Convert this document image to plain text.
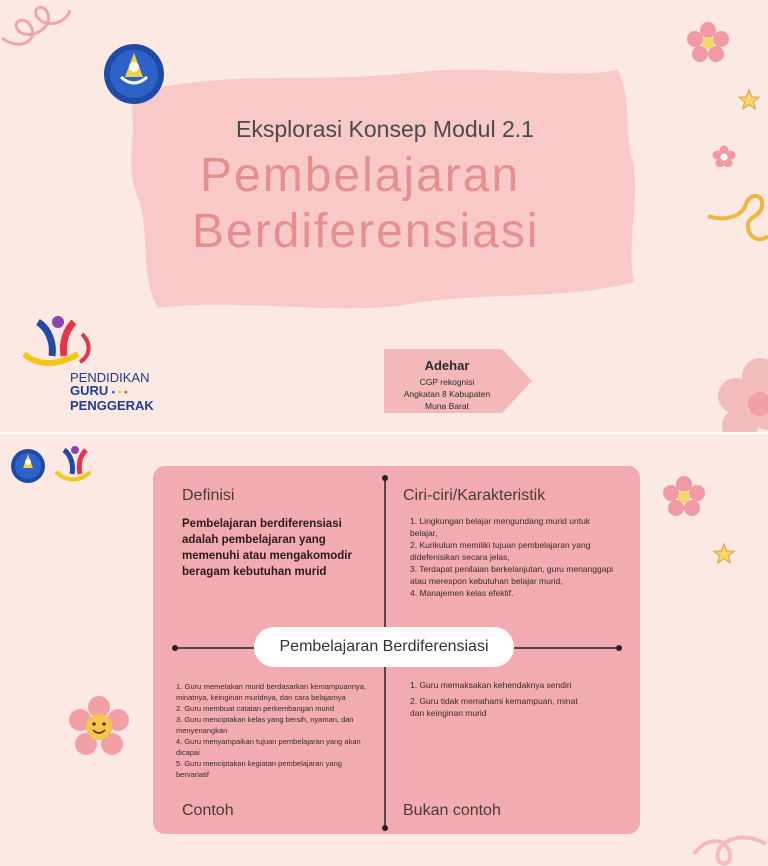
Eksplorasi Konsep Modul 2.1
Pembelajaran
Berdiferensiasi
PENDIDIKAN
GURU •••
PENGGERAK
Adehar
CGP rekognisi
Angkatan 8 Kabupaten
Muna Barat
Definisi
Pembelajaran berdiferensiasi adalah pembelajaran yang memenuhi atau mengakomodir beragam kebutuhan murid
Ciri-ciri/Karakteristik
1. Lingkungan belajar mengundang murid untuk belajar,
2. Kurikulum memiliki tujuan pembelajaran yang didefenisikan secara jelas,
3. Terdapat penilaian berkelanjutan, guru menanggapi atau merespon kebutuhan belajar murid,
4. Manajemen kelas efektif.
Pembelajaran Berdiferensiasi
1. Guru memetakan murid berdasarkan kemampuannya, minatnya, keinginan muridnya, dan cara belajarnya
2. Guru membuat catatan perkembangan murid
3. Guru menciptakan kelas yang bersih, nyaman, dan menyenangkan
4. Guru menyampaikan tujuan pembelajaran yang akan dicapai
5. Guru menciptakan kegiatan pembelajaran yang bervariatif
Contoh
1. Guru memaksakan kehendaknya sendiri
2. Guru tidak memahami kemampuan, minat dan keinginan murid
Bukan contoh
